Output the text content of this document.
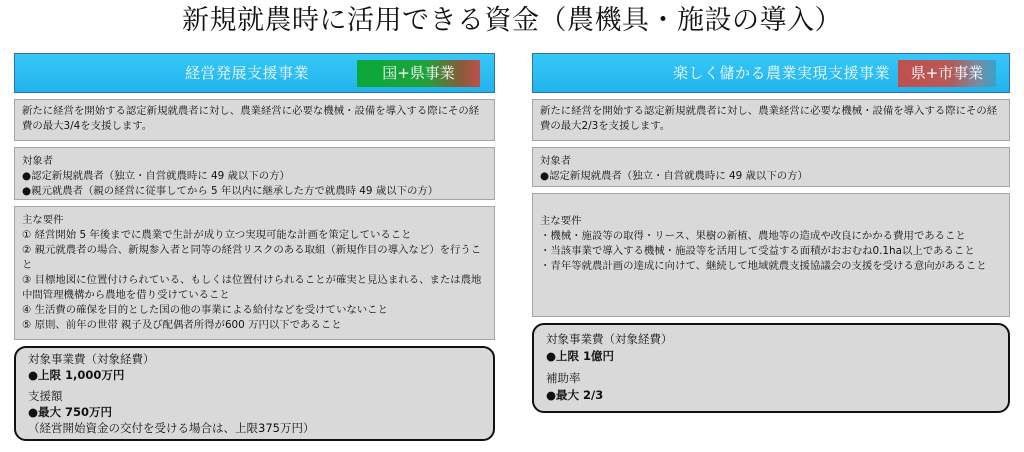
新規就農時に活用できる資金（農機具・施設の導入）
経営発展支援事業	国+県事業
新たに経営を開始する認定新規就農者に対し、農業経営に必要な機械・設備を導入する際にその経費の最大3/4を支援します。
対象者
●認定新規就農者（独立・自営就農時に 49 歳以下の方）
●親元就農者（親の経営に従事してから 5 年以内に継承した方で就農時 49 歳以下の方）
主な要件
① 経営開始 5 年後までに農業で生計が成り立つ実現可能な計画を策定していること
② 親元就農者の場合、新規参入者と同等の経営リスクのある取組（新規作目の導入など）を行うこと
③ 目標地図に位置付けられている、もしくは位置付けられることが確実と見込まれる、または農地中間管理機構から農地を借り受けていること
④ 生活費の確保を目的とした国の他の事業による給付などを受けていないこと
⑤ 原則、前年の世帯 親子及び配偶者所得が600 万円以下であること
対象事業費（対象経費）
●上限 1,000万円
支援額
●最大 750万円
（経営開始資金の交付を受ける場合は、上限375万円）
楽しく儲かる農業実現支援事業	県+市事業
新たに経営を開始する認定新規就農者に対し、農業経営に必要な機械・設備を導入する際にその経費の最大2/3を支援します。
対象者
●認定新規就農者（独立・自営就農時に 49 歳以下の方）
主な要件
・機械・施設等の取得・リース、果樹の新植、農地等の造成や改良にかかる費用であること
・当該事業で導入する機械・施設等を活用して受益する面積がおおむね0.1ha以上であること
・青年等就農計画の達成に向けて、継続して地域就農支援協議会の支援を受ける意向があること
対象事業費（対象経費）
●上限 1億円
補助率
●最大 2/3
